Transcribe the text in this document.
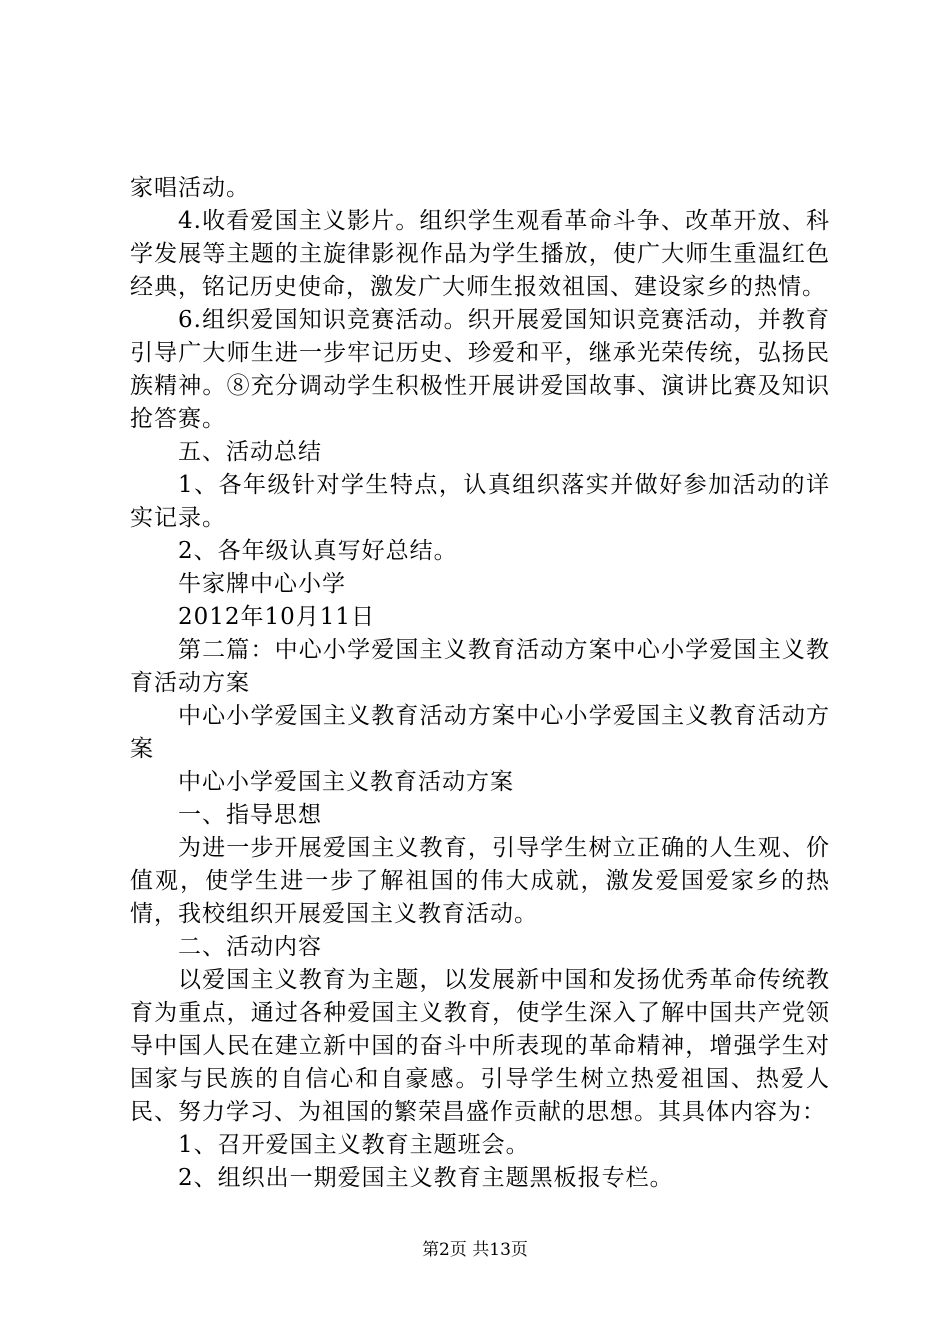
家唱活动。

4.收看爱国主义影片。组织学生观看革命斗争、改革开放、科学发展等主题的主旋律影视作品为学生播放，使广大师生重温红色经典，铭记历史使命，激发广大师生报效祖国、建设家乡的热情。

6.组织爱国知识竞赛活动。织开展爱国知识竞赛活动，并教育引导广大师生进一步牢记历史、珍爱和平，继承光荣传统，弘扬民族精神。⑧充分调动学生积极性开展讲爱国故事、演讲比赛及知识抢答赛。

五、活动总结

1、各年级针对学生特点，认真组织落实并做好参加活动的详实记录。

2、各年级认真写好总结。

牛家牌中心小学

2012年10月11日

第二篇：中心小学爱国主义教育活动方案中心小学爱国主义教育活动方案

中心小学爱国主义教育活动方案中心小学爱国主义教育活动方案

中心小学爱国主义教育活动方案

一、指导思想

为进一步开展爱国主义教育，引导学生树立正确的人生观、价值观，使学生进一步了解祖国的伟大成就，激发爱国爱家乡的热情，我校组织开展爱国主义教育活动。

二、活动内容

以爱国主义教育为主题，以发展新中国和发扬优秀革命传统教育为重点，通过各种爱国主义教育，使学生深入了解中国共产党领导中国人民在建立新中国的奋斗中所表现的革命精神，增强学生对国家与民族的自信心和自豪感。引导学生树立热爱祖国、热爱人民、努力学习、为祖国的繁荣昌盛作贡献的思想。其具体内容为：

1、召开爱国主义教育主题班会。

2、组织出一期爱国主义教育主题黑板报专栏。

第2页 共13页
